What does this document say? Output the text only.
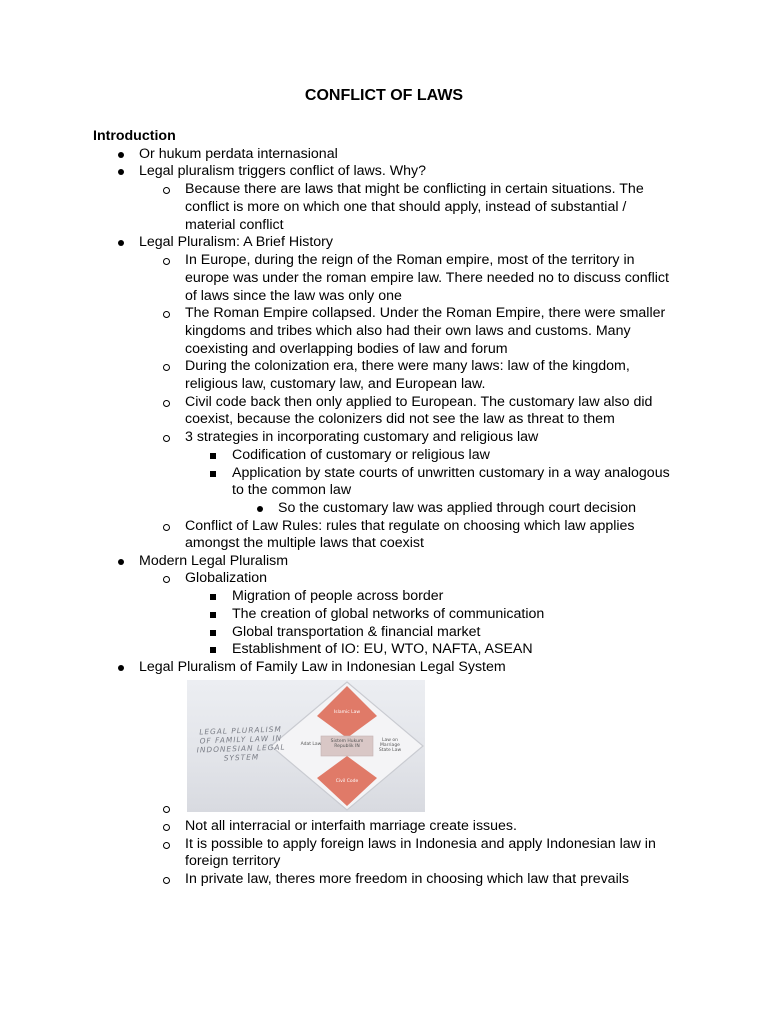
CONFLICT OF LAWS
Introduction
Or hukum perdata internasional
Legal pluralism triggers conflict of laws. Why?
Because there are laws that might be conflicting in certain situations. The
conflict is more on which one that should apply, instead of substantial /
material conflict
Legal Pluralism: A Brief History
In Europe, during the reign of the Roman empire, most of the territory in
europe was under the roman empire law. There needed no to discuss conflict
of laws since the law was only one
The Roman Empire collapsed. Under the Roman Empire, there were smaller
kingdoms and tribes which also had their own laws and customs. Many
coexisting and overlapping bodies of law and forum
During the colonization era, there were many laws: law of the kingdom,
religious law, customary law, and European law.
Civil code back then only applied to European. The customary law also did
coexist, because the colonizers did not see the law as threat to them
3 strategies in incorporating customary and religious law
Codification of customary or religious law
Application by state courts of unwritten customary in a way analogous
to the common law
So the customary law was applied through court decision
Conflict of Law Rules: rules that regulate on choosing which law applies
amongst the multiple laws that coexist
Modern Legal Pluralism
Globalization
Migration of people across border
The creation of global networks of communication
Global transportation & financial market
Establishment of IO: EU, WTO, NAFTA, ASEAN
Legal Pluralism of Family Law in Indonesian Legal System
Not all interracial or interfaith marriage create issues.
It is possible to apply foreign laws in Indonesia and apply Indonesian law in
foreign territory
In private law, theres more freedom in choosing which law that prevails
LEGAL PLURALISM OF FAMILY LAW IN INDONESIAN LEGAL SYSTEM
Islamic Law
Adat Law
Sistem Hukum Republik IN
Law on Marriage State Law
Civil Code
